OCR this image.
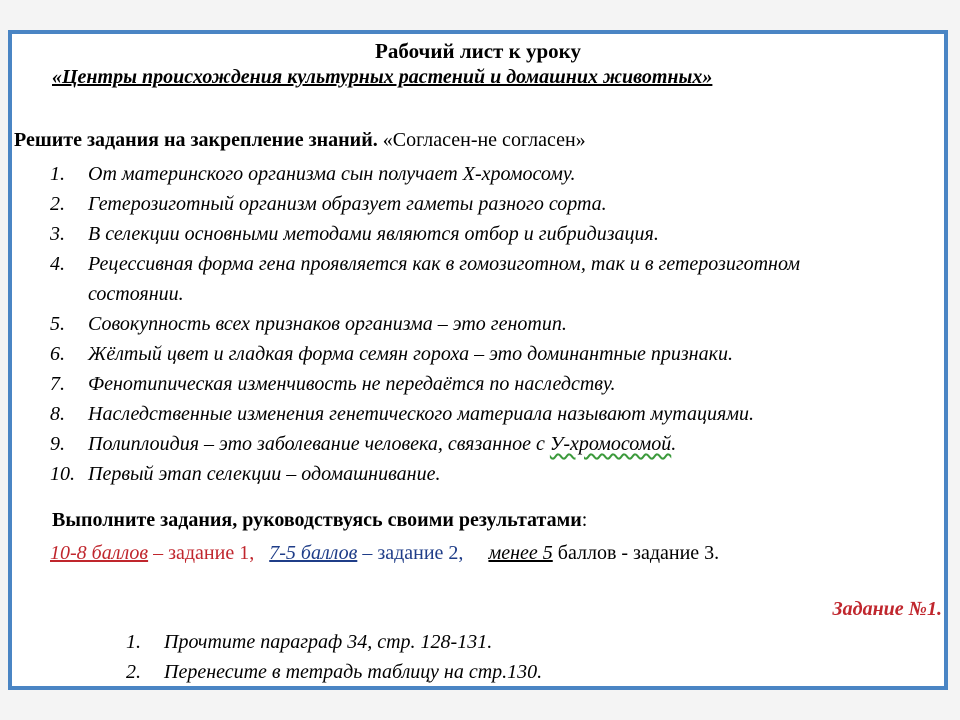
Рабочий лист к уроку
«Центры происхождения культурных растений и домашних животных»
Решите задания на закрепление знаний. «Согласен-не согласен»
1.	От материнского организма сын получает Х-хромосому.
2.	Гетерозиготный организм образует гаметы разного сорта.
3.	В селекции основными методами являются отбор и гибридизация.
4.	Рецессивная форма гена проявляется как в гомозиготном, так и в гетерозиготном состоянии.
5.	Совокупность всех признаков организма – это генотип.
6.	Жёлтый цвет и гладкая форма семян гороха – это доминантные признаки.
7.	Фенотипическая изменчивость не передаётся по наследству.
8.	Наследственные изменения генетического материала называют мутациями.
9.	Полиплоидия – это заболевание человека, связанное с У-хромосомой.
10. Первый этап селекции – одомашнивание.
Выполните задания, руководствуясь своими результатами:
10-8 баллов – задание 1, 7-5 баллов – задание 2, менее 5 баллов - задание 3.
Задание №1.
1. Прочтите параграф 34, стр. 128-131.
2. Перенесите в тетрадь таблицу на стр.130.
